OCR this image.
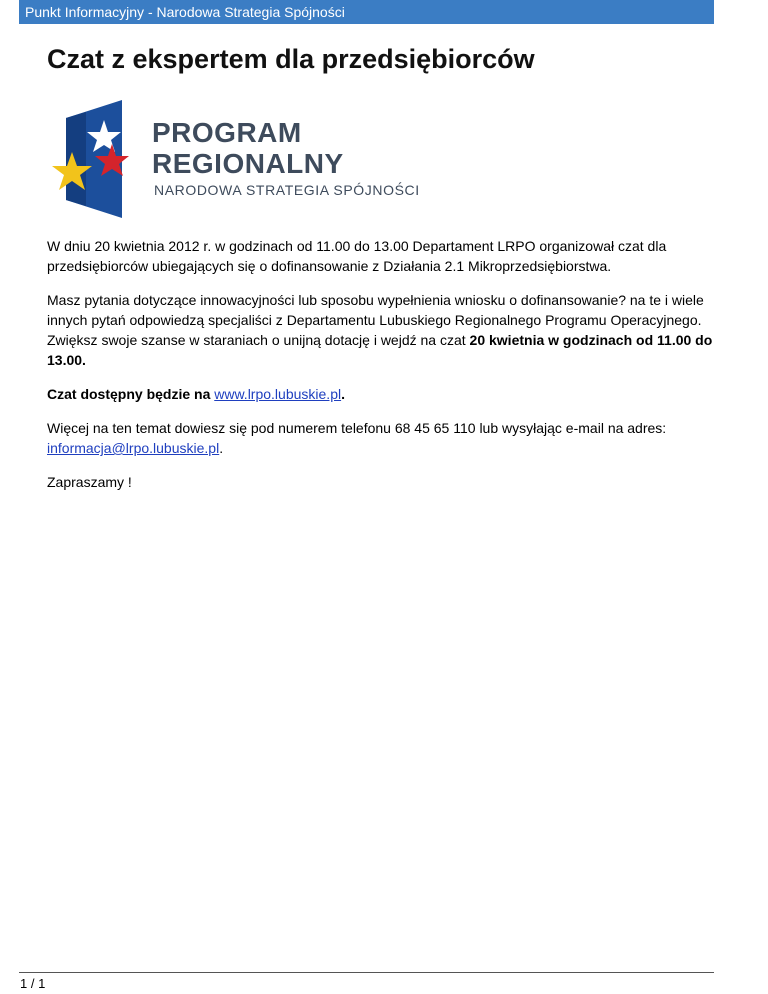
Punkt Informacyjny - Narodowa Strategia Spójności
Czat z ekspertem dla przedsiębiorców
PROGRAM
REGIONALNY
NARODOWA STRATEGIA SPÓJNOŚCI

W dniu 20 kwietnia 2012 r. w godzinach od 11.00 do 13.00 Departament LRPO organizował czat dla przedsiębiorców ubiegających się o dofinansowanie z Działania 2.1 Mikroprzedsiębiorstwa.

Masz pytania dotyczące innowacyjności lub sposobu wypełnienia wniosku o dofinansowanie? na te i wiele innych pytań odpowiedzą specjaliści z Departamentu Lubuskiego Regionalnego Programu Operacyjnego. Zwiększ swoje szanse w staraniach o unijną dotację i wejdź na czat 20 kwietnia w godzinach od 11.00 do 13.00.

Czat dostępny będzie na www.lrpo.lubuskie.pl.

Więcej na ten temat dowiesz się pod numerem telefonu 68 45 65 110 lub wysyłając e-mail na adres: informacja@lrpo.lubuskie.pl.

Zapraszamy !

1 / 1
